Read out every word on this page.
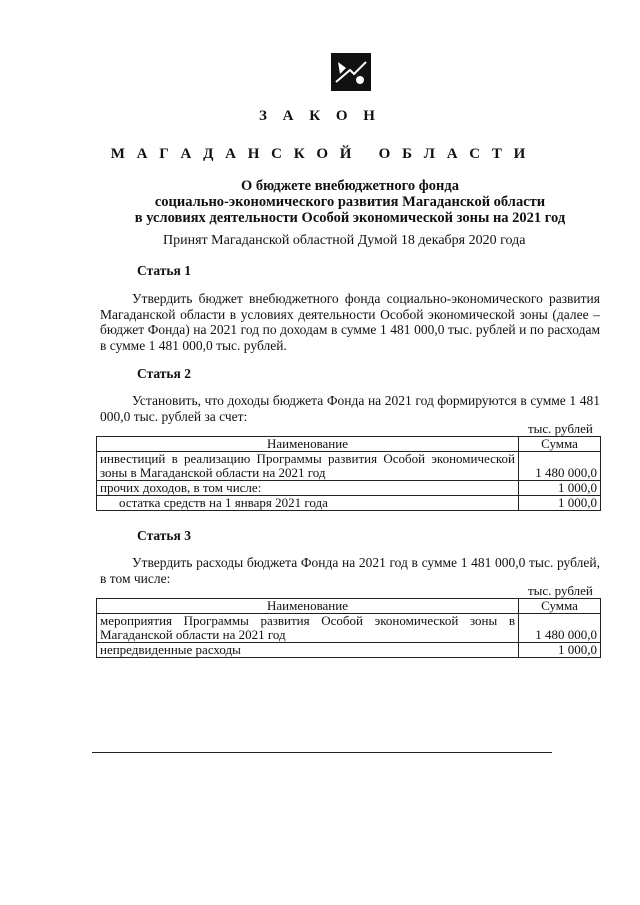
З А К О Н
М А Г А Д А Н С К О Й   О Б Л А С Т И
О бюджете внебюджетного фонда
социально-экономического развития Магаданской области
в условиях деятельности Особой экономической зоны на 2021 год
Принят Магаданской областной Думой 18 декабря 2020 года
Статья 1
Утвердить бюджет внебюджетного фонда социально-экономического развития Магаданской области в условиях деятельности Особой экономической зоны (далее – бюджет Фонда) на 2021 год по доходам в сумме 1 481 000,0 тыс. рублей и по расходам в сумме 1 481 000,0 тыс. рублей.
Статья 2
Установить, что доходы бюджета Фонда на 2021 год формируются в сумме 1 481 000,0 тыс. рублей за счет:
тыс. рублей
Наименование	Сумма
инвестиций в реализацию Программы развития Особой экономической зоны в Магаданской области на 2021 год	1 480 000,0
прочих доходов, в том числе:	1 000,0
остатка средств на 1 января 2021 года	1 000,0
Статья 3
Утвердить расходы бюджета Фонда на 2021 год в сумме 1 481 000,0 тыс. рублей, в том числе:
тыс. рублей
Наименование	Сумма
мероприятия Программы развития Особой экономической зоны в Магаданской области на 2021 год	1 480 000,0
непредвиденные расходы	1 000,0
